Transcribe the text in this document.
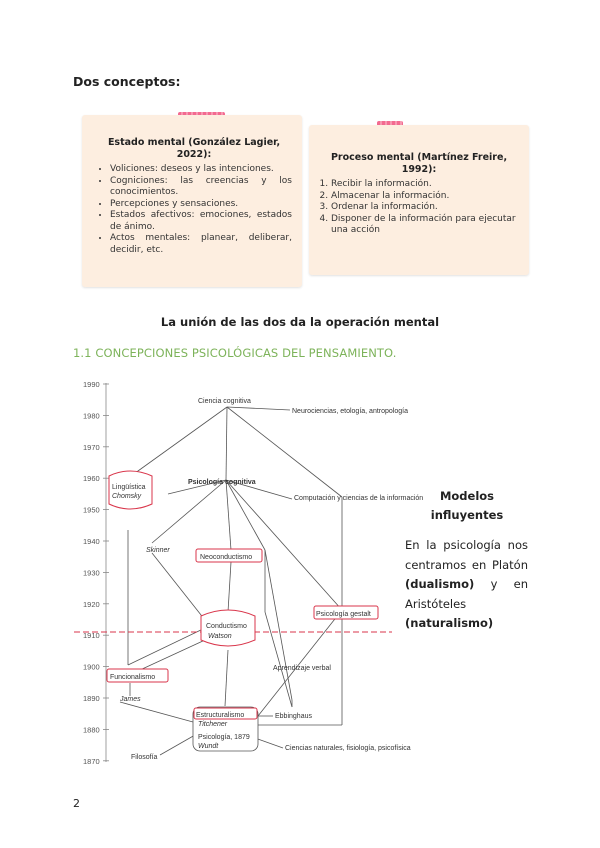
Dos conceptos:
Estado mental (González Lagier, 2022):
• Voliciones: deseos y las intenciones.
• Cogniciones: las creencias y los conocimientos.
• Percepciones y sensaciones.
• Estados afectivos: emociones, estados de ánimo.
• Actos mentales: planear, deliberar, decidir, etc.
Proceso mental (Martínez Freire, 1992):
1. Recibir la información.
2. Almacenar la información.
3. Ordenar la información.
4. Disponer de la información para ejecutar una acción
La unión de las dos da la operación mental
1.1 CONCEPCIONES PSICOLÓGICAS DEL PENSAMIENTO.
1990
1980
1970
1960
1950
1940
1930
1920
1910
1900
1890
1880
1870
Ciencia cognitiva
Neurociencias, etología, antropología
Lingüística
Chomsky
Psicología cognitiva
Computación y ciencias de la información
Skinner
Neoconductismo
Psicología gestalt
Conductismo
Watson
Aprendizaje verbal
Funcionalismo
James
Estructuralismo
Titchener
Ebbinghaus
Psicología, 1879
Wundt
Filosofía
Ciencias naturales, fisiología, psicofísica
Modelos influyentes
En la psicología nos centramos en Platón (dualismo) y en Aristóteles (naturalismo)
2
